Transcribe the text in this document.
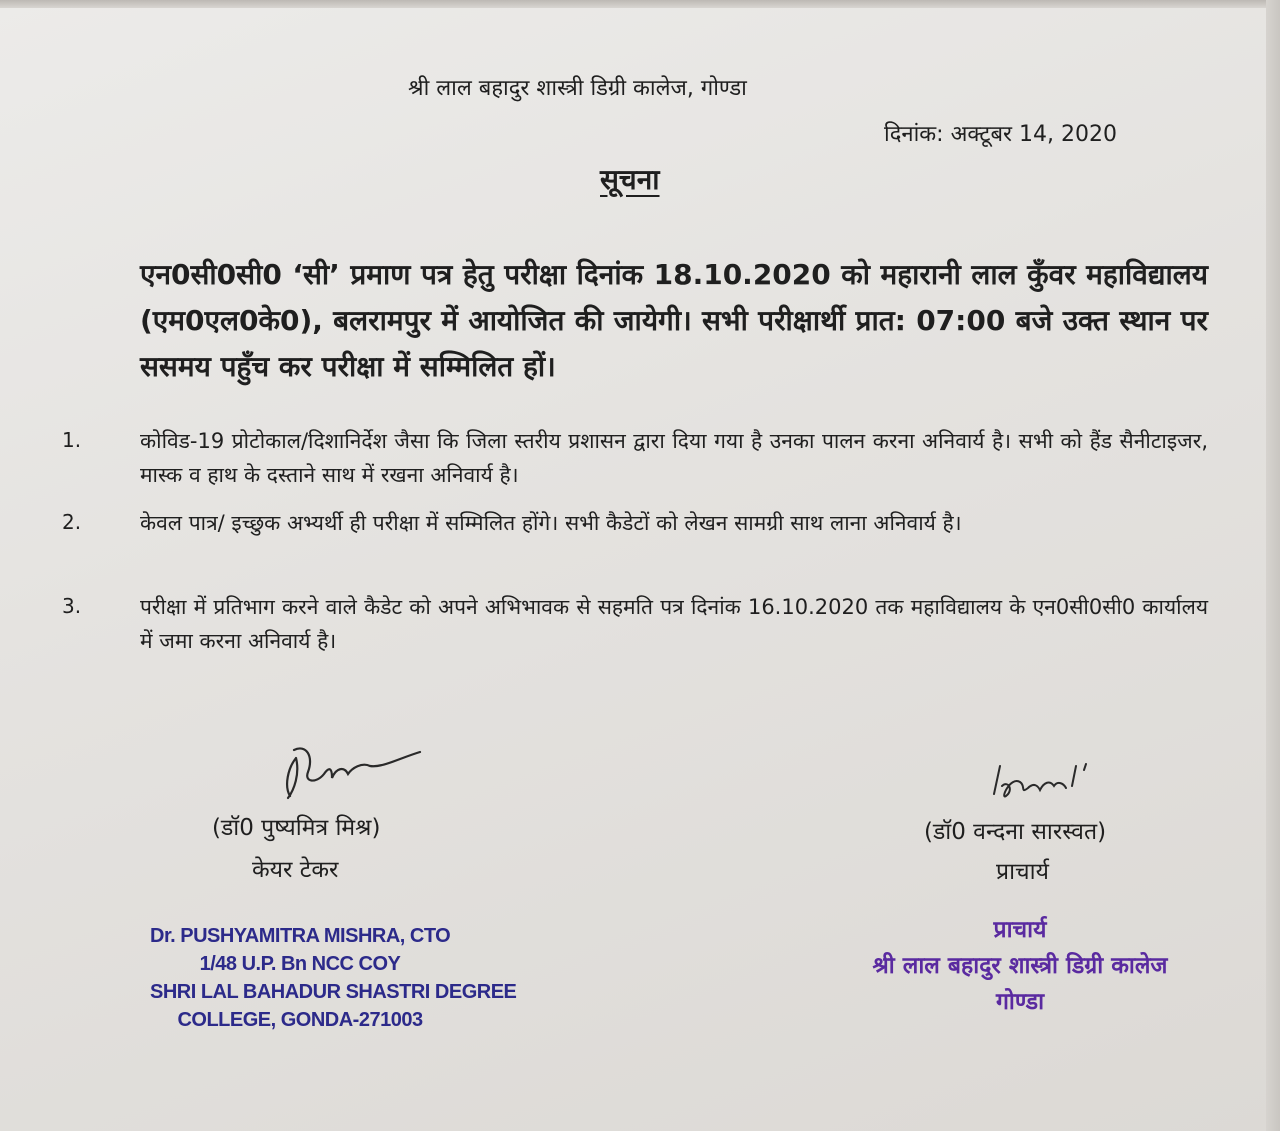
श्री लाल बहादुर शास्त्री डिग्री कालेज, गोण्डा
दिनांक: अक्टूबर 14, 2020
सूचना
एन0सी0सी0 ‘सी’ प्रमाण पत्र हेतु परीक्षा दिनांक 18.10.2020 को महारानी लाल कुँवर महाविद्यालय (एम0एल0के0), बलरामपुर में आयोजित की जायेगी। सभी परीक्षार्थी प्रात: 07:00 बजे उक्त स्थान पर ससमय पहुँच कर परीक्षा में सम्मिलित हों।
1.	कोविड-19 प्रोटोकाल/दिशानिर्देश जैसा कि जिला स्तरीय प्रशासन द्वारा दिया गया है उनका पालन करना अनिवार्य है। सभी को हैंड सैनीटाइजर, मास्क व हाथ के दस्ताने साथ में रखना अनिवार्य है।
2.	केवल पात्र/ इच्छुक अभ्यर्थी ही परीक्षा में सम्मिलित होंगे। सभी कैडेटों को लेखन सामग्री साथ लाना अनिवार्य है।
3.	परीक्षा में प्रतिभाग करने वाले कैडेट को अपने अभिभावक से सहमति पत्र दिनांक 16.10.2020 तक महाविद्यालय के एन0सी0सी0 कार्यालय में जमा करना अनिवार्य है।
(डॉ0 पुष्यमित्र मिश्र)
केयर टेकर
Dr. PUSHYAMITRA MISHRA, CTO
1/48 U.P. Bn NCC COY
SHRI LAL BAHADUR SHASTRI DEGREE
COLLEGE, GONDA-271003
(डॉ0 वन्दना सारस्वत)
प्राचार्य
प्राचार्य
श्री लाल बहादुर शास्त्री डिग्री कालेज
गोण्डा
